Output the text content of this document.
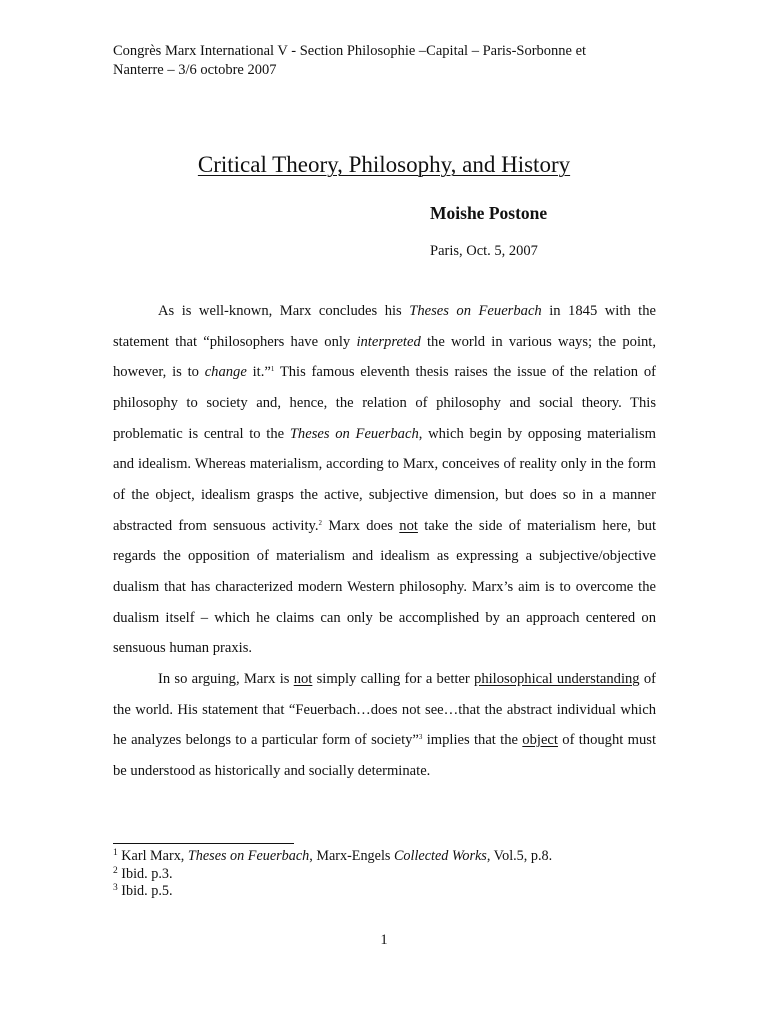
Congrès Marx International V - Section Philosophie –Capital – Paris-Sorbonne et
Nanterre – 3/6 octobre 2007
Critical Theory, Philosophy, and History
Moishe Postone
Paris, Oct. 5, 2007

As is well-known, Marx concludes his Theses on Feuerbach in 1845 with the statement that “philosophers have only interpreted the world in various ways; the point, however, is to change it.”$^1$ This famous eleventh thesis raises the issue of the relation of philosophy to society and, hence, the relation of philosophy and social theory. This problematic is central to the Theses on Feuerbach, which begin by opposing materialism and idealism. Whereas materialism, according to Marx, conceives of reality only in the form of the object, idealism grasps the active, subjective dimension, but does so in a manner abstracted from sensuous activity.$^2$ Marx does not take the side of materialism here, but regards the opposition of materialism and idealism as expressing a subjective/objective dualism that has characterized modern Western philosophy. Marx’s aim is to overcome the dualism itself – which he claims can only be accomplished by an approach centered on sensuous human praxis.

In so arguing, Marx is not simply calling for a better philosophical understanding of the world. His statement that “Feuerbach…does not see…that the abstract individual which he analyzes belongs to a particular form of society”$^3$ implies that the object of thought must be understood as historically and socially determinate.

$^1$ Karl Marx, Theses on Feuerbach, Marx-Engels Collected Works, Vol.5, p.8.
$^2$ Ibid. p.3.
$^3$ Ibid. p.5.
1
